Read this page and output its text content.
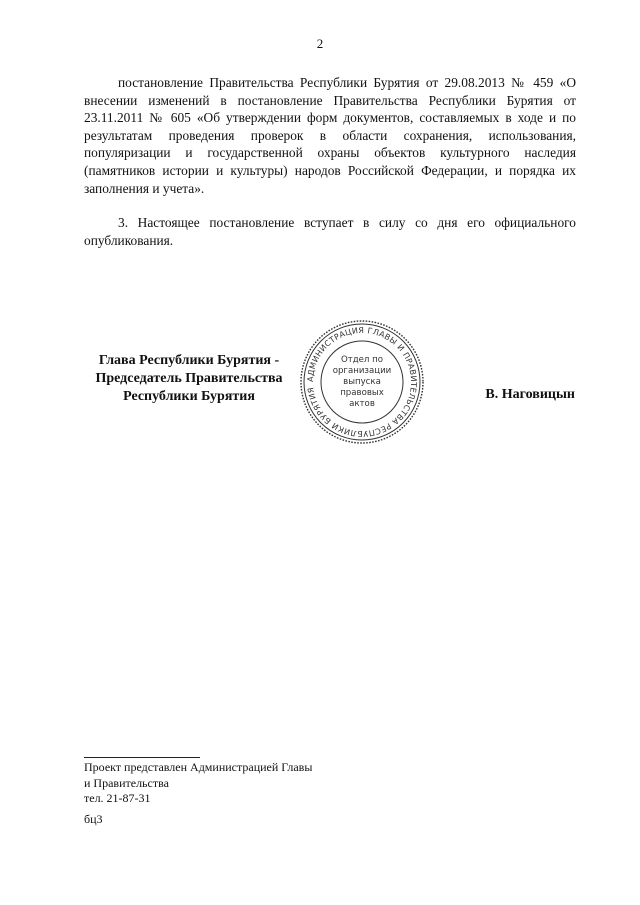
2

постановление Правительства Республики Бурятия от 29.08.2013 № 459 «О внесении изменений в постановление Правительства Республики Бурятия от 23.11.2011 № 605 «Об утверждении форм документов, составляемых в ходе и по результатам проведения проверок в области сохранения, использования, популяризации и государственной охраны объектов культурного наследия (памятников истории и культуры) народов Российской Федерации, и порядка их заполнения и учета».

3. Настоящее постановление вступает в силу со дня его официального опубликования.

Глава Республики Бурятия -
Председатель Правительства
Республики Бурятия
АДМИНИСТРАЦИЯ ГЛАВЫ И ПРАВИТЕЛЬСТВА РЕСПУБЛИКИ БУРЯТИЯ
Отдел по
организации
выпуска
правовых
актов
В. Наговицын
Проект представлен Администрацией Главы
и Правительства
тел. 21-87-31
бц3
